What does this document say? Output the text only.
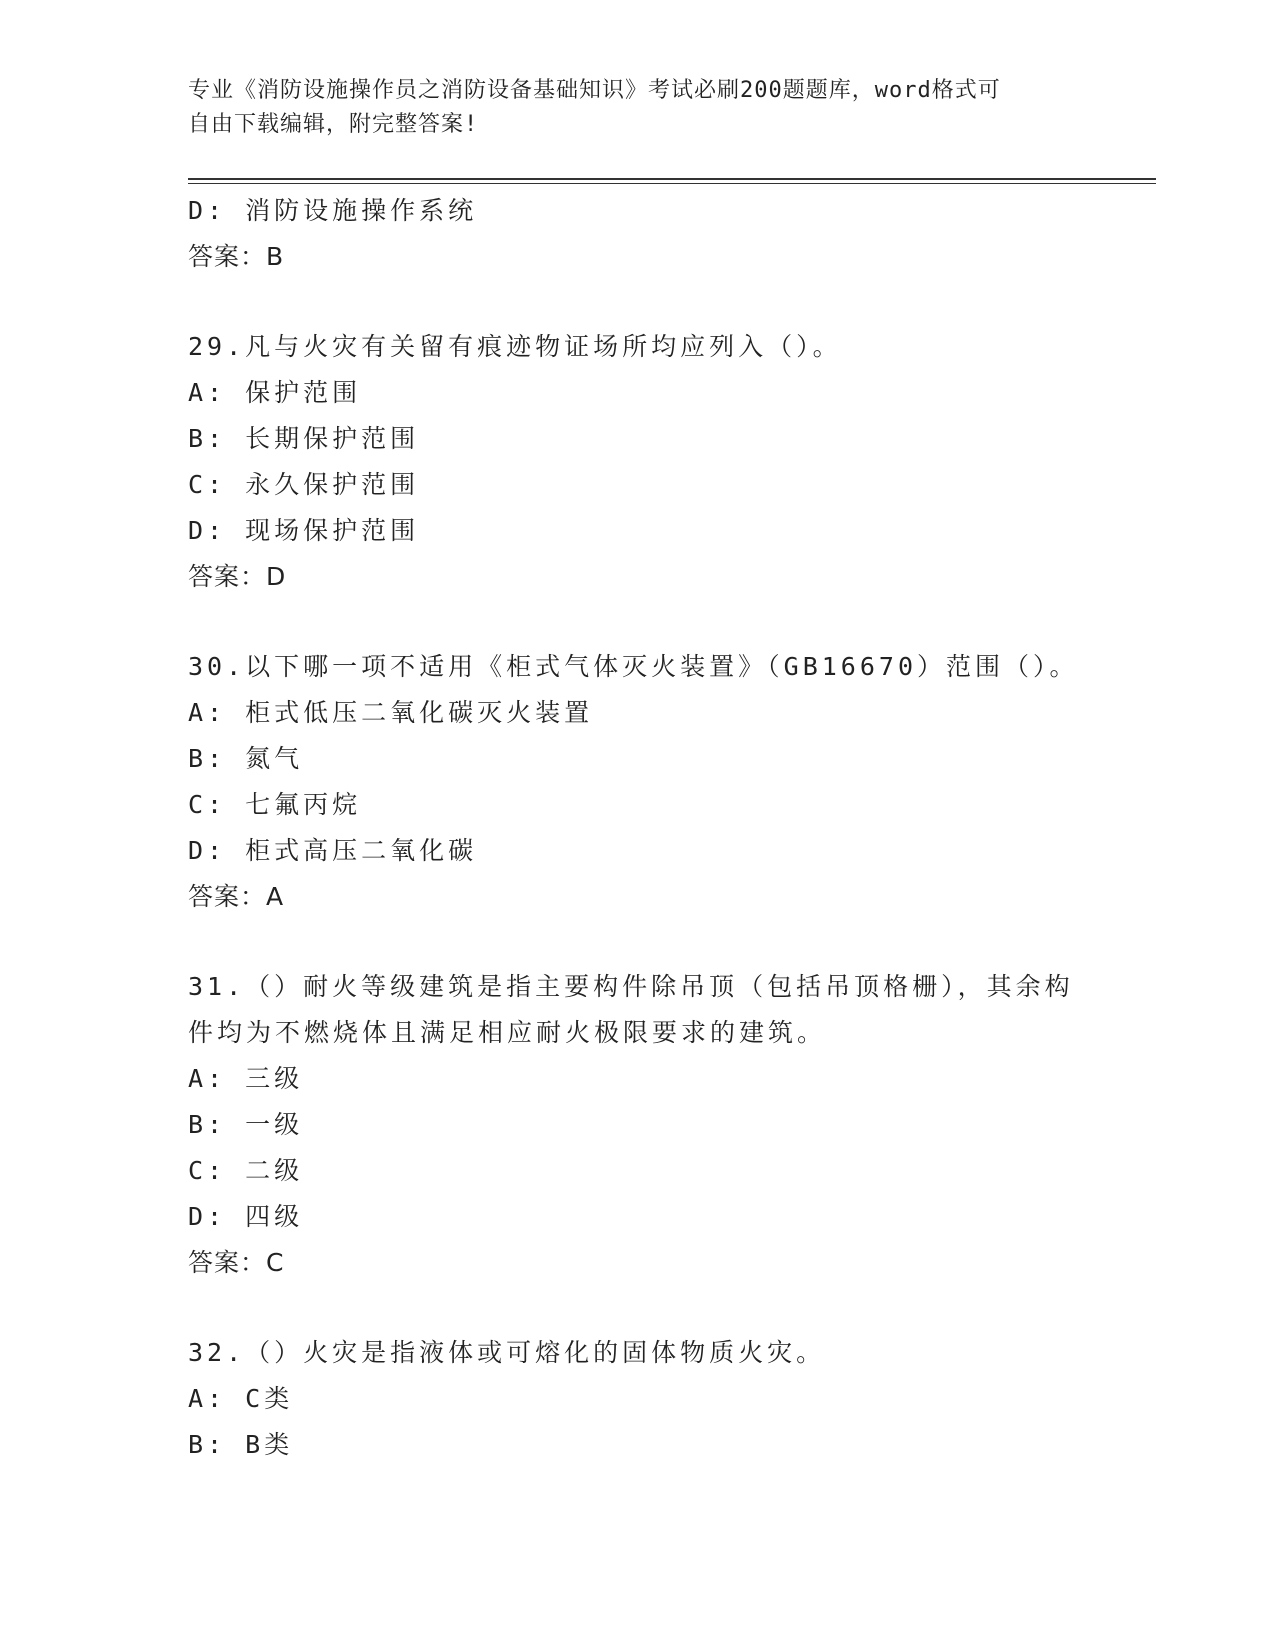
专业《消防设施操作员之消防设备基础知识》考试必刷200题题库，word格式可
自由下载编辑，附完整答案!
D: 消防设施操作系统
答案：B
29.凡与火灾有关留有痕迹物证场所均应列入（）。
A: 保护范围
B: 长期保护范围
C: 永久保护范围
D: 现场保护范围
答案：D
30.以下哪一项不适用《柜式气体灭火装置》（GB16670）范围（）。
A: 柜式低压二氧化碳灭火装置
B: 氮气
C: 七氟丙烷
D: 柜式高压二氧化碳
答案：A
31.（）耐火等级建筑是指主要构件除吊顶（包括吊顶格栅），其余构
件均为不燃烧体且满足相应耐火极限要求的建筑。
A: 三级
B: 一级
C: 二级
D: 四级
答案：C
32.（）火灾是指液体或可熔化的固体物质火灾。
A: C类
B: B类
